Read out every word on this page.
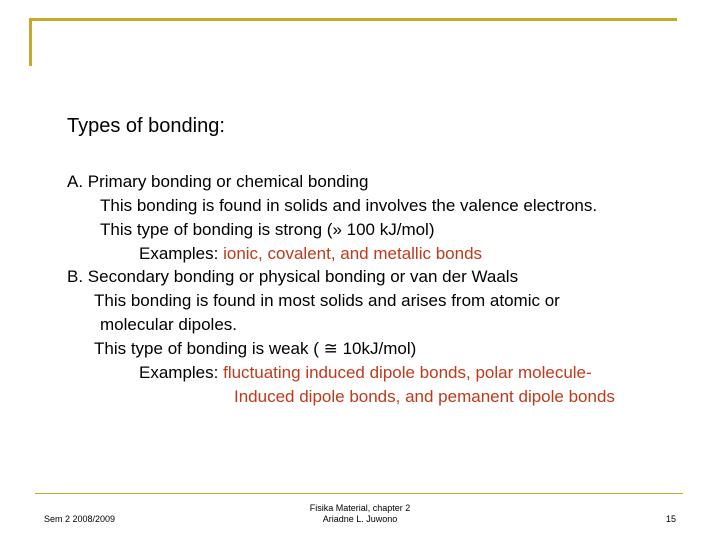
Types of bonding:
A. Primary bonding or chemical bonding
This bonding is found in solids and involves the valence electrons.
This type of bonding is strong (» 100 kJ/mol)
Examples: ionic, covalent, and metallic bonds
B. Secondary bonding or physical bonding or van der Waals
This bonding is found in most solids and arises from atomic or
molecular dipoles.
This type of bonding is weak ( ≅ 10kJ/mol)
Examples: fluctuating induced dipole bonds, polar molecule-
Induced dipole bonds, and pemanent dipole bonds
Sem 2 2008/2009
Fisika Material, chapter 2
Ariadne L. Juwono	15
